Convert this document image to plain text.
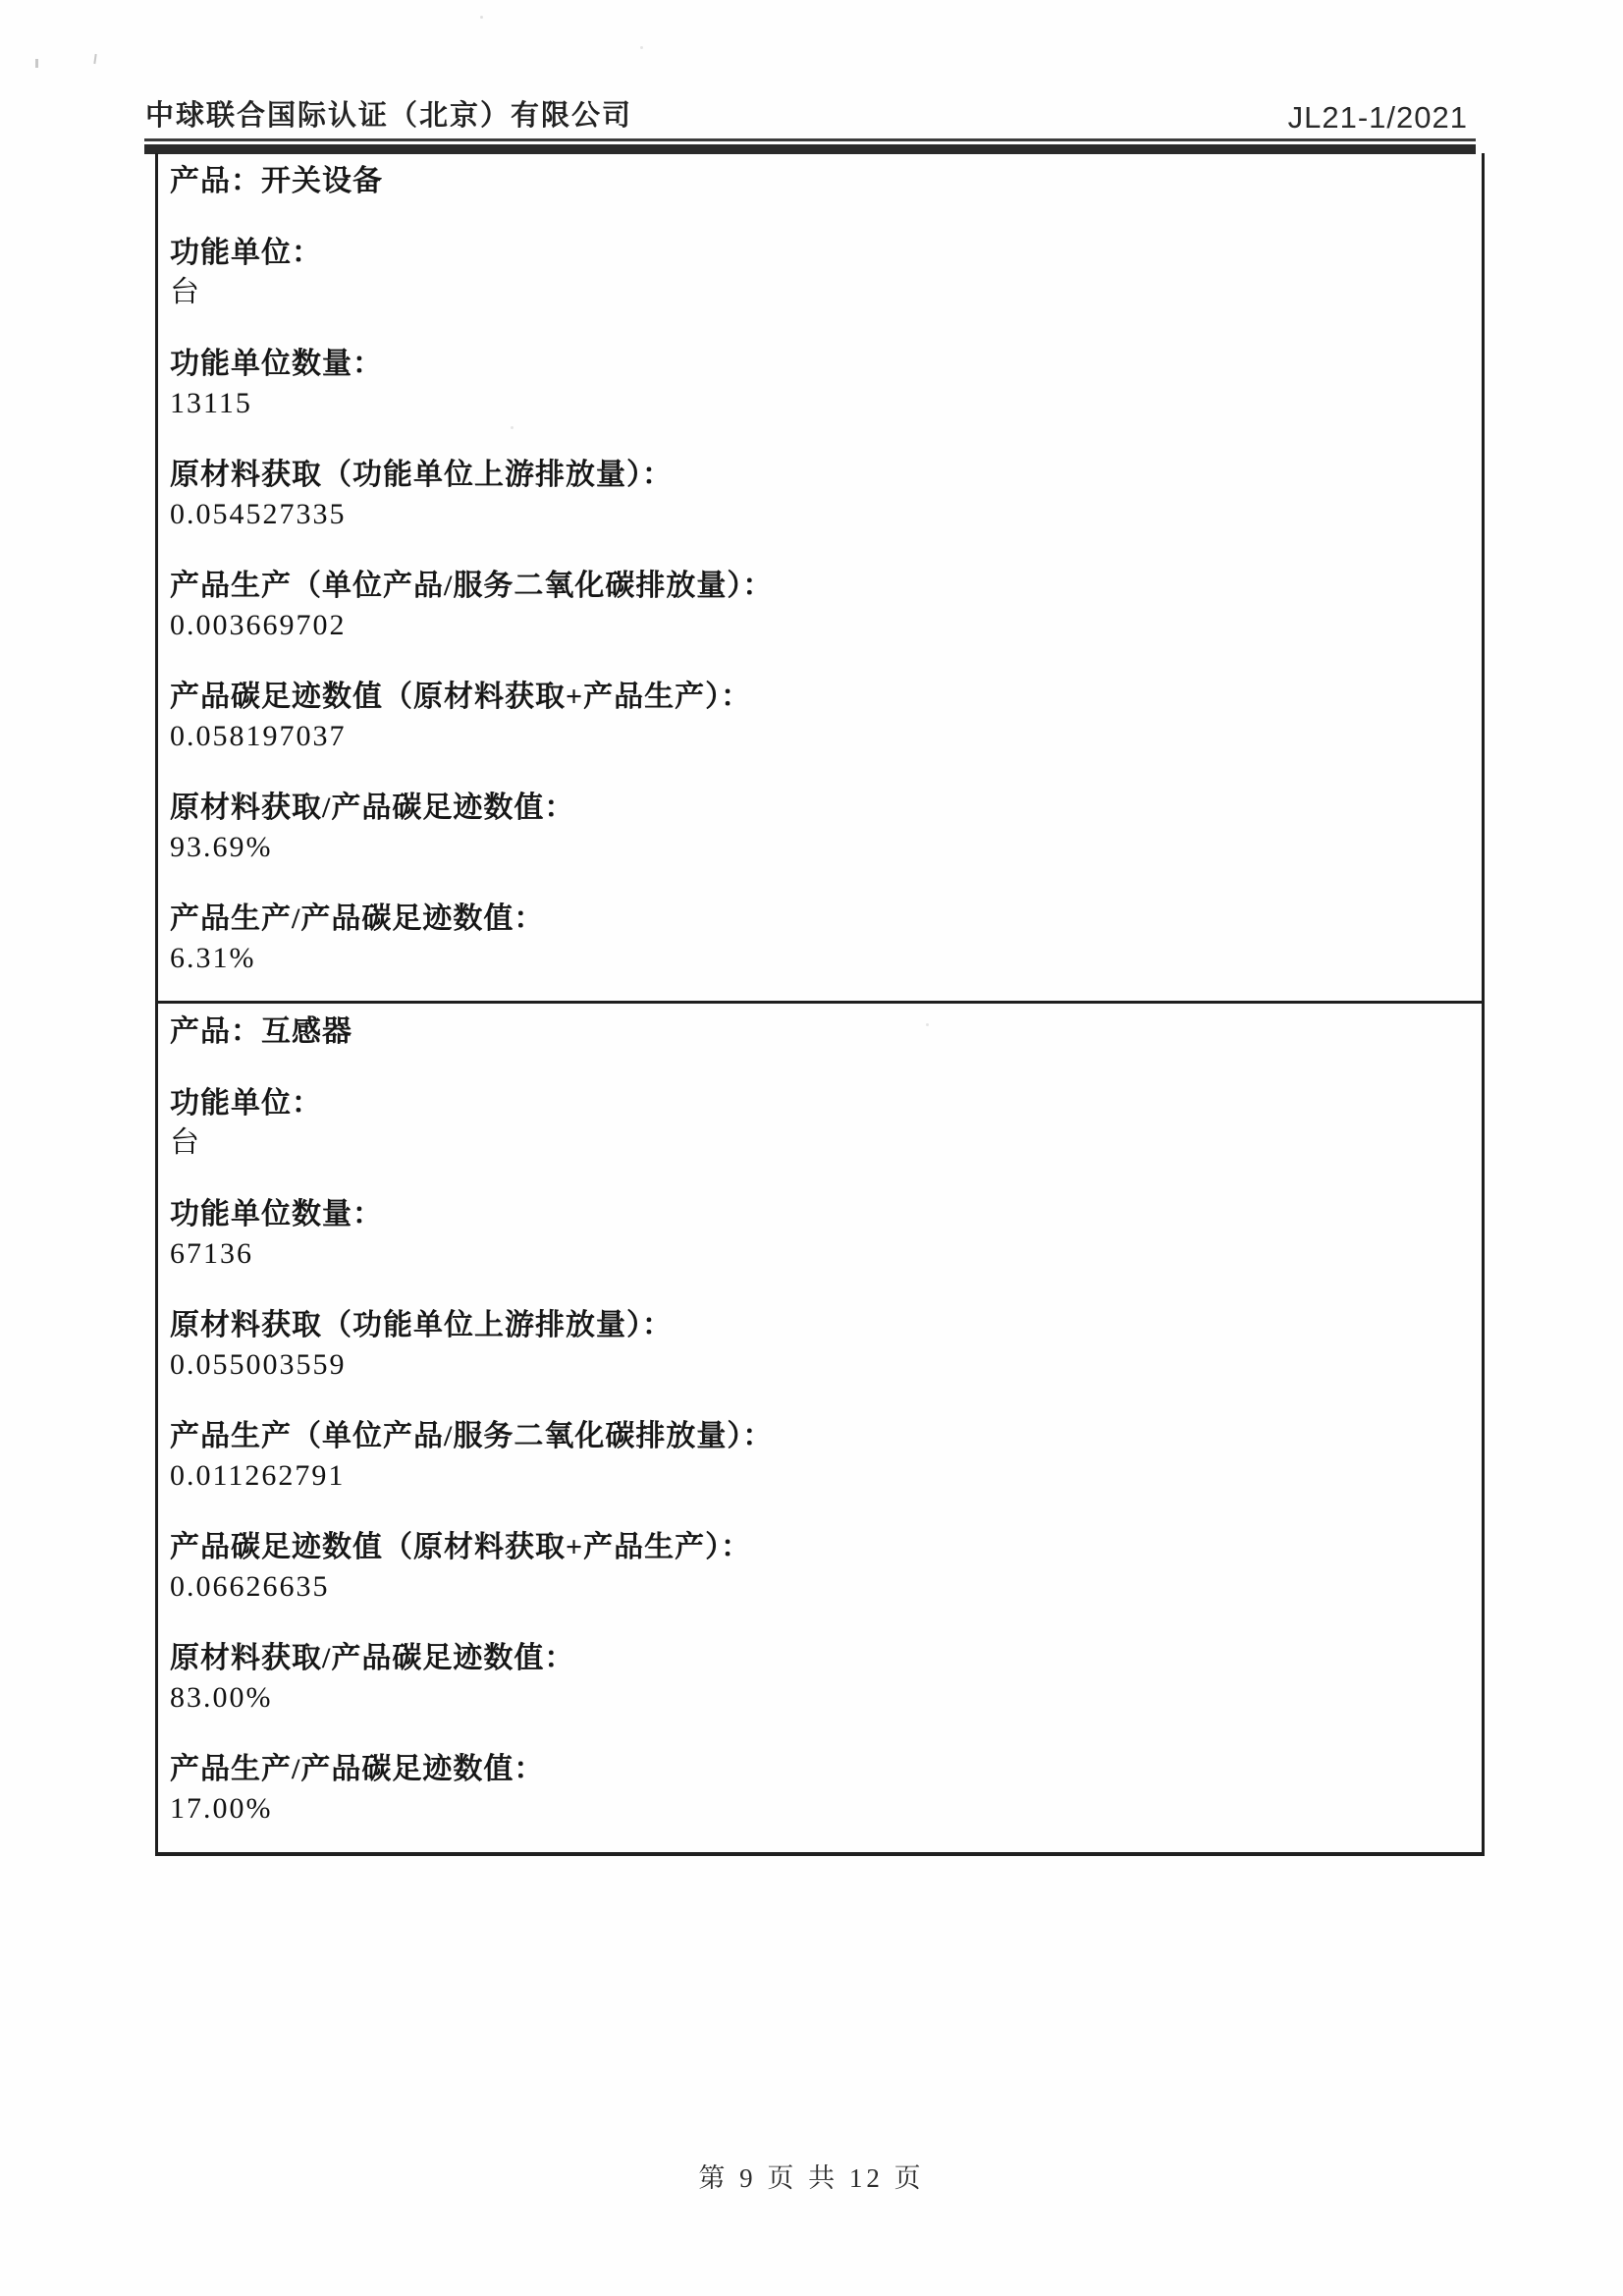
中球联合国际认证（北京）有限公司	JL21-1/2021
产品：开关设备
功能单位：
台
功能单位数量：
13115
原材料获取（功能单位上游排放量）：
0.054527335
产品生产（单位产品/服务二氧化碳排放量）：
0.003669702
产品碳足迹数值（原材料获取+产品生产）：
0.058197037
原材料获取/产品碳足迹数值：
93.69%
产品生产/产品碳足迹数值：
6.31%
产品：互感器
功能单位：
台
功能单位数量：
67136
原材料获取（功能单位上游排放量）：
0.055003559
产品生产（单位产品/服务二氧化碳排放量）：
0.011262791
产品碳足迹数值（原材料获取+产品生产）：
0.06626635
原材料获取/产品碳足迹数值：
83.00%
产品生产/产品碳足迹数值：
17.00%
第 9 页 共 12 页
